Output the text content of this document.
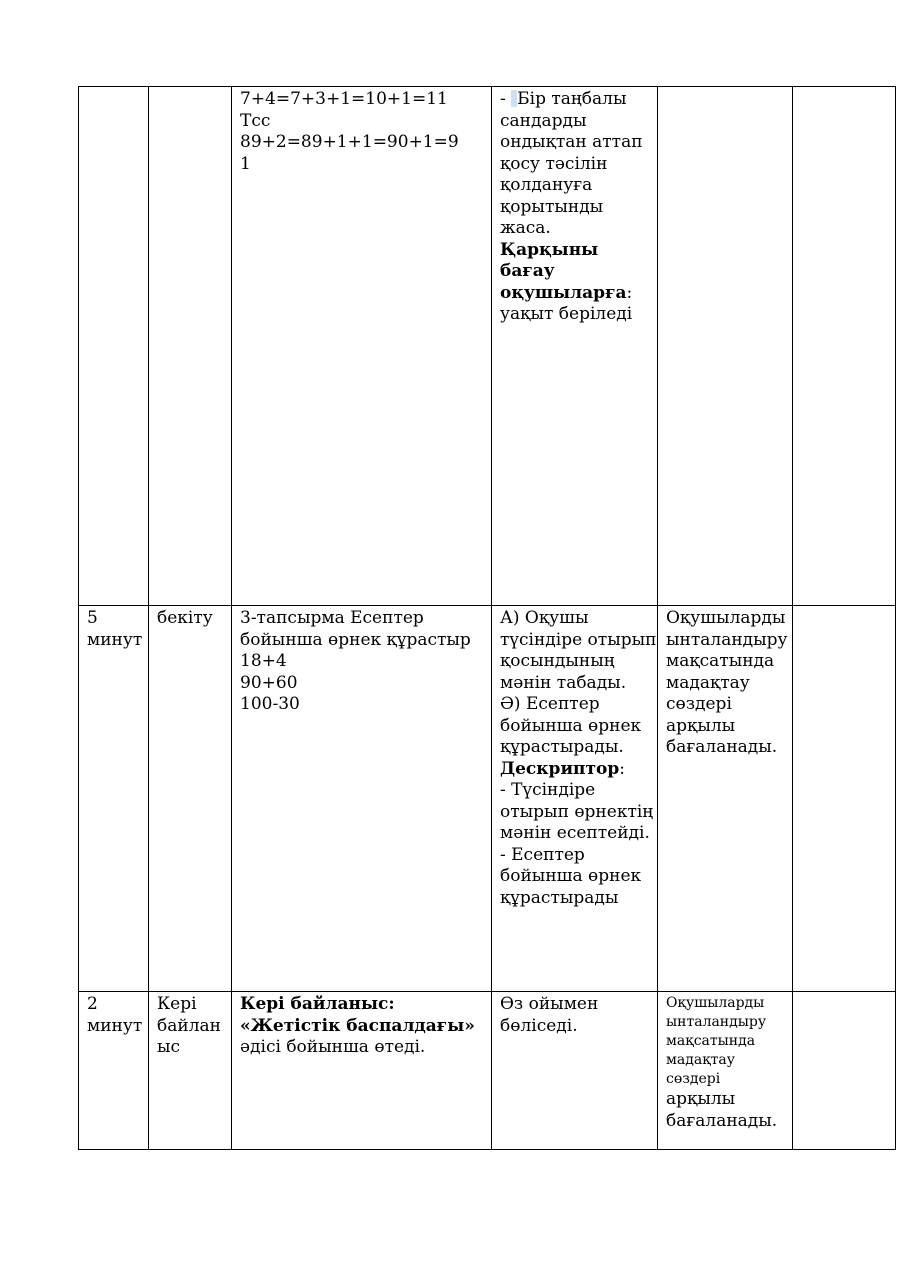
		7+4=7+3+1=10+1=11
Тсс
89+2=89+1+1=90+1=9
1	- Бір таңбалы сандарды ондықтан аттап қосу тәсілін қолдануға қорытынды жаса.
Қарқыны бағау оқушыларға: уақыт беріледі		
5 минут	бекіту	3-тапсырма Есептер бойынша өрнек құрастыр
18+4
90+60
100-30	А) Оқушы түсіндіре отырып қосындының мәнін табады.
Ә) Есептер бойынша өрнек құрастырады.
Дескриптор:
- Түсіндіре отырып өрнектің мәнін есептейді.
- Есептер бойынша өрнек құрастырады	Оқушыларды ынталандыру мақсатында мадақтау сөздері арқылы бағаланады.	
2 минут	Кері байланыс	Кері байланыс: «Жетістік баспалдағы» әдісі бойынша өтеді.	Өз ойымен бөліседі.	Оқушыларды ынталандыру мақсатында мадақтау сөздері
арқылы бағаланады.	
